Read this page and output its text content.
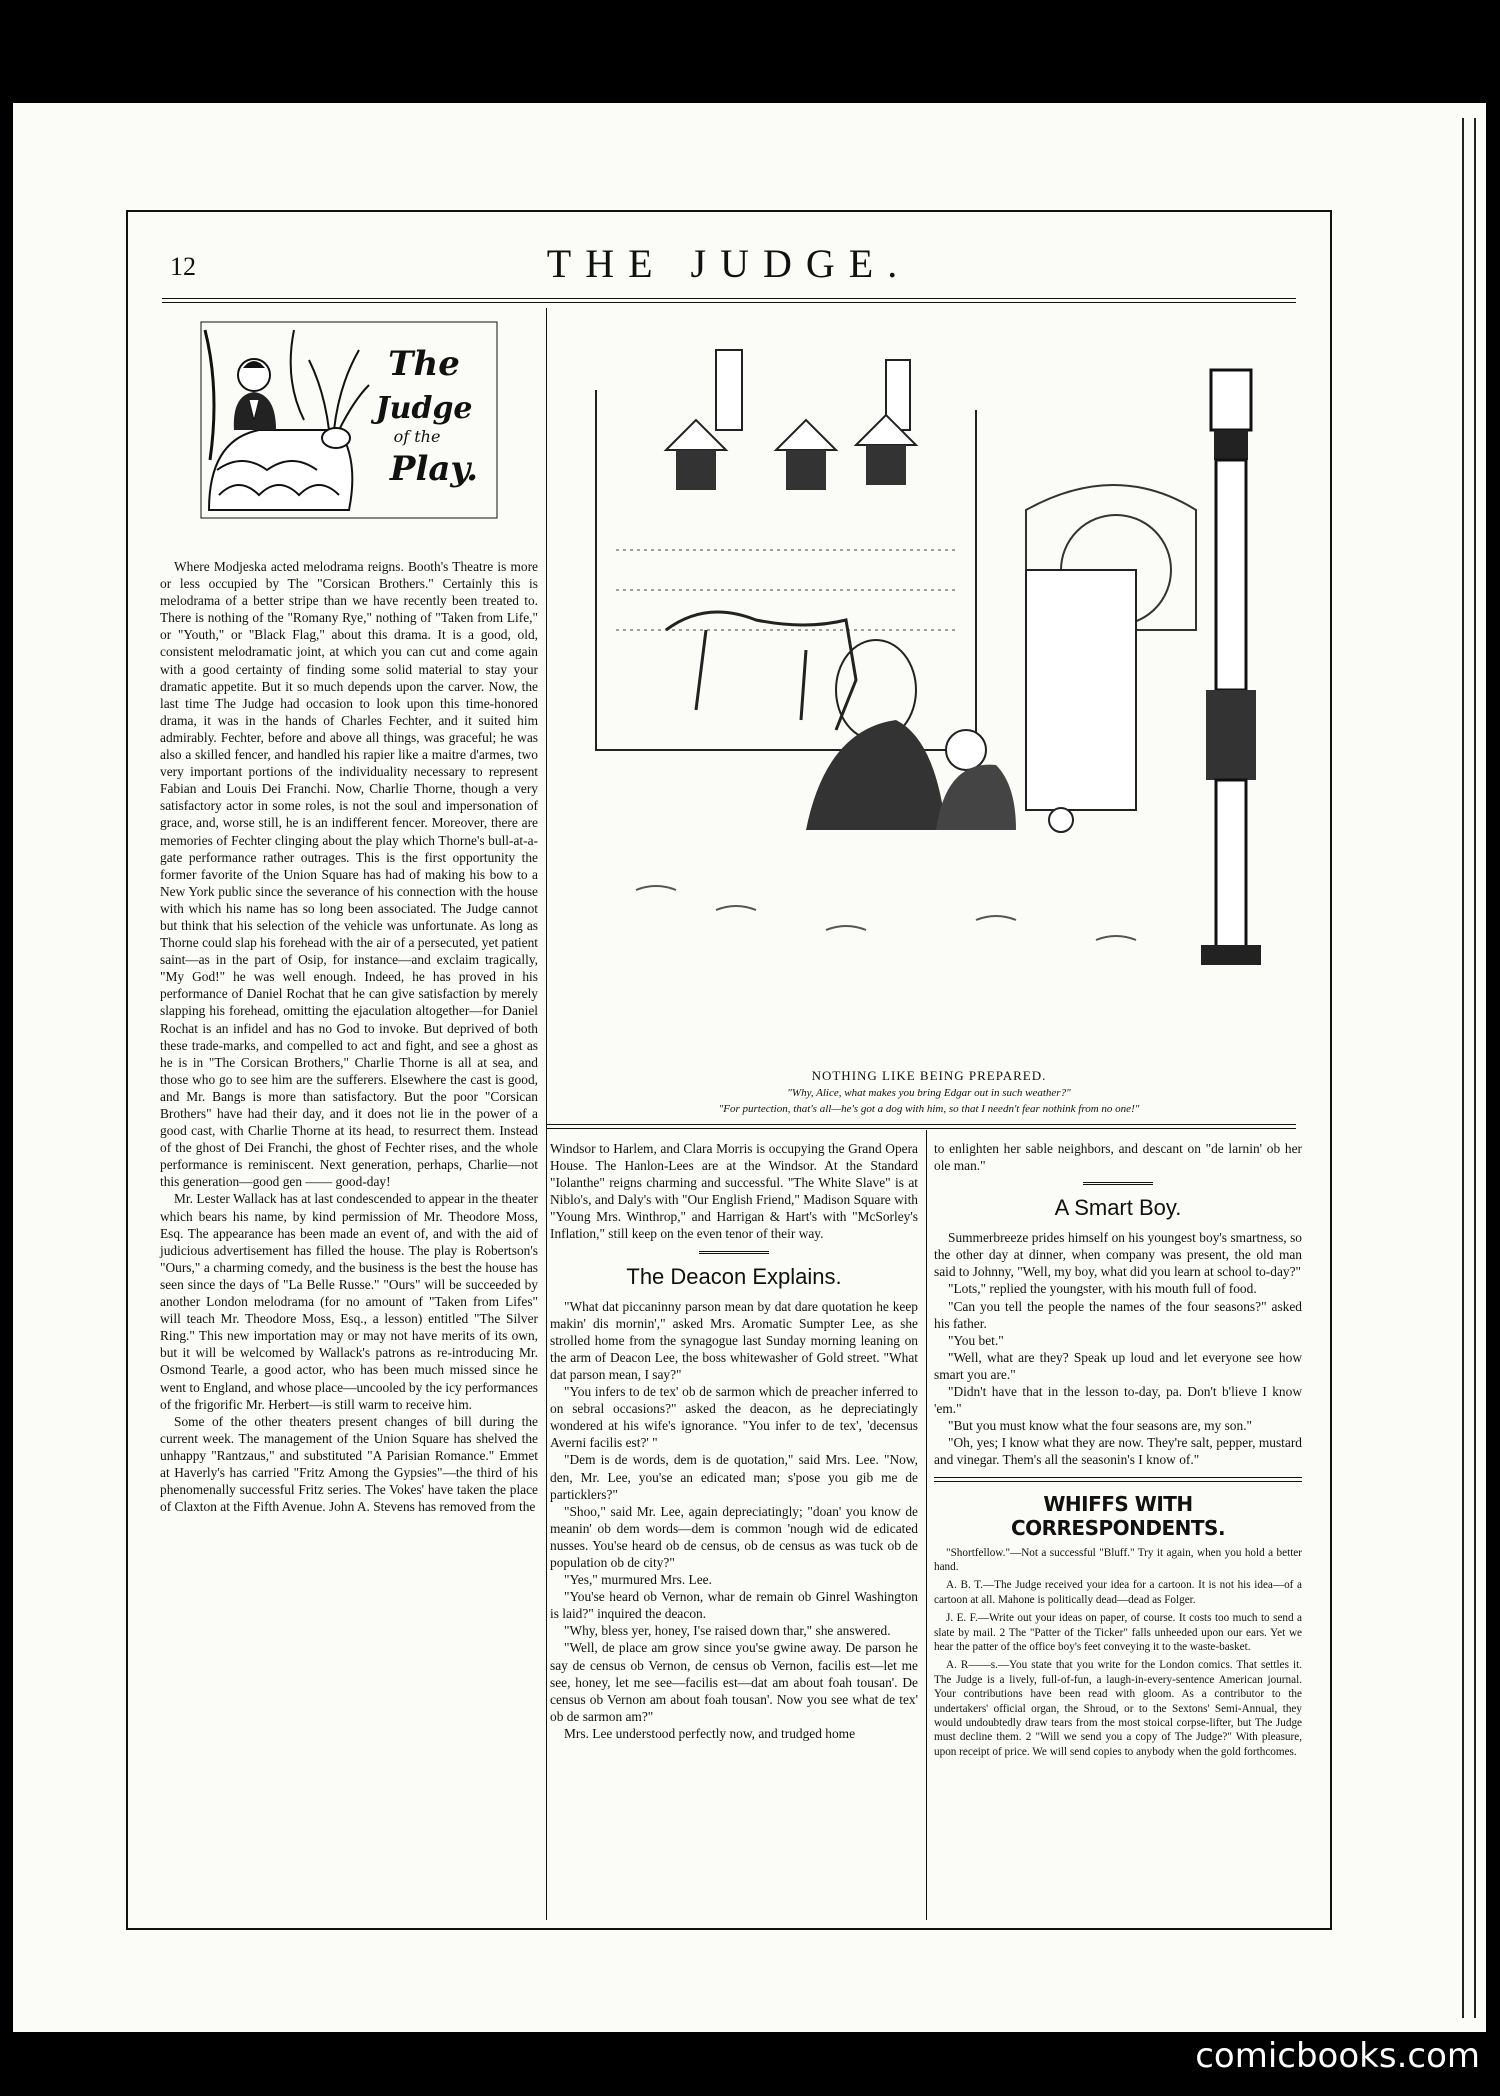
12	THE JUDGE.
The
Judge
of the
Play.

Where Modjeska acted melodrama reigns. Booth's Theatre is more or less occupied by The "Corsican Brothers." Certainly this is melodrama of a better stripe than we have recently been treated to. There is nothing of the "Romany Rye," nothing of "Taken from Life," or "Youth," or "Black Flag," about this drama. It is a good, old, consistent melodramatic joint, at which you can cut and come again with a good certainty of finding some solid material to stay your dramatic appetite. But it so much depends upon the carver. Now, the last time The Judge had occasion to look upon this time-honored drama, it was in the hands of Charles Fechter, and it suited him admirably. Fechter, before and above all things, was graceful; he was also a skilled fencer, and handled his rapier like a maitre d'armes, two very important portions of the individuality necessary to represent Fabian and Louis Dei Franchi. Now, Charlie Thorne, though a very satisfactory actor in some roles, is not the soul and impersonation of grace, and, worse still, he is an indifferent fencer. Moreover, there are memories of Fechter clinging about the play which Thorne's bull-at-a-gate performance rather outrages. This is the first opportunity the former favorite of the Union Square has had of making his bow to a New York public since the severance of his connection with the house with which his name has so long been associated. The Judge cannot but think that his selection of the vehicle was unfortunate. As long as Thorne could slap his forehead with the air of a persecuted, yet patient saint—as in the part of Osip, for instance—and exclaim tragically, "My God!" he was well enough. Indeed, he has proved in his performance of Daniel Rochat that he can give satisfaction by merely slapping his forehead, omitting the ejaculation altogether—for Daniel Rochat is an infidel and has no God to invoke. But deprived of both these trade-marks, and compelled to act and fight, and see a ghost as he is in "The Corsican Brothers," Charlie Thorne is all at sea, and those who go to see him are the sufferers. Elsewhere the cast is good, and Mr. Bangs is more than satisfactory. But the poor "Corsican Brothers" have had their day, and it does not lie in the power of a good cast, with Charlie Thorne at its head, to resurrect them. Instead of the ghost of Dei Franchi, the ghost of Fechter rises, and the whole performance is reminiscent. Next generation, perhaps, Charlie—not this generation—good gen —— good-day!

Mr. Lester Wallack has at last condescended to appear in the theater which bears his name, by kind permission of Mr. Theodore Moss, Esq. The appearance has been made an event of, and with the aid of judicious advertisement has filled the house. The play is Robertson's "Ours," a charming comedy, and the business is the best the house has seen since the days of "La Belle Russe." "Ours" will be succeeded by another London melodrama (for no amount of "Taken from Lifes" will teach Mr. Theodore Moss, Esq., a lesson) entitled "The Silver Ring." This new importation may or may not have merits of its own, but it will be welcomed by Wallack's patrons as re-introducing Mr. Osmond Tearle, a good actor, who has been much missed since he went to England, and whose place—uncooled by the icy performances of the frigorific Mr. Herbert—is still warm to receive him.

Some of the other theaters present changes of bill during the current week. The management of the Union Square has shelved the unhappy "Rantzaus," and substituted "A Parisian Romance." Emmet at Haverly's has carried "Fritz Among the Gypsies"—the third of his phenomenally successful Fritz series. The Vokes' have taken the place of Claxton at the Fifth Avenue. John A. Stevens has removed from the

NOTHING LIKE BEING PREPARED.
"Why, Alice, what makes you bring Edgar out in such weather?"
"For purtection, that's all—he's got a dog with him, so that I needn't fear nothink from no one!"

Windsor to Harlem, and Clara Morris is occupying the Grand Opera House. The Hanlon-Lees are at the Windsor. At the Standard "Iolanthe" reigns charming and successful. "The White Slave" is at Niblo's, and Daly's with "Our English Friend," Madison Square with "Young Mrs. Winthrop," and Harrigan & Hart's with "McSorley's Inflation," still keep on the even tenor of their way.

The Deacon Explains.

"What dat piccaninny parson mean by dat dare quotation he keep makin' dis mornin'," asked Mrs. Aromatic Sumpter Lee, as she strolled home from the synagogue last Sunday morning leaning on the arm of Deacon Lee, the boss whitewasher of Gold street. "What dat parson mean, I say?"

"You infers to de tex' ob de sarmon which de preacher inferred to on sebral occasions?" asked the deacon, as he depreciatingly wondered at his wife's ignorance. "You infer to de tex', 'decensus Averni facilis est?' "

"Dem is de words, dem is de quotation," said Mrs. Lee. "Now, den, Mr. Lee, you'se an edicated man; s'pose you gib me de particklers?"

"Shoo," said Mr. Lee, again depreciatingly; "doan' you know de meanin' ob dem words—dem is common 'nough wid de edicated nusses. You'se heard ob de census, ob de census as was tuck ob de population ob de city?"

"Yes," murmured Mrs. Lee.

"You'se heard ob Vernon, whar de remain ob Ginrel Washington is laid?" inquired the deacon.

"Why, bless yer, honey, I'se raised down thar," she answered.

"Well, de place am grow since you'se gwine away. De parson he say de census ob Vernon, de census ob Vernon, facilis est—let me see, honey, let me see—facilis est—dat am about foah tousan'. De census ob Vernon am about foah tousan'. Now you see what de tex' ob de sarmon am?"

Mrs. Lee understood perfectly now, and trudged home

to enlighten her sable neighbors, and descant on "de larnin' ob her ole man."

A Smart Boy.

Summerbreeze prides himself on his youngest boy's smartness, so the other day at dinner, when company was present, the old man said to Johnny, "Well, my boy, what did you learn at school to-day?"

"Lots," replied the youngster, with his mouth full of food.

"Can you tell the people the names of the four seasons?" asked his father.

"You bet."

"Well, what are they? Speak up loud and let everyone see how smart you are."

"Didn't have that in the lesson to-day, pa. Don't b'lieve I know 'em."

"But you must know what the four seasons are, my son."

"Oh, yes; I know what they are now. They're salt, pepper, mustard and vinegar. Them's all the seasonin's I know of."

WHIFFS WITH CORRESPONDENTS.

"Shortfellow."—Not a successful "Bluff." Try it again, when you hold a better hand.

A. B. T.—The Judge received your idea for a cartoon. It is not his idea—of a cartoon at all. Mahone is politically dead—dead as Folger.

J. E. F.—Write out your ideas on paper, of course. It costs too much to send a slate by mail. 2 The "Patter of the Ticker" falls unheeded upon our ears. Yet we hear the patter of the office boy's feet conveying it to the waste-basket.

A. R——s.—You state that you write for the London comics. That settles it. The Judge is a lively, full-of-fun, a laugh-in-every-sentence American journal. Your contributions have been read with gloom. As a contributor to the undertakers' official organ, the Shroud, or to the Sextons' Semi-Annual, they would undoubtedly draw tears from the most stoical corpse-lifter, but The Judge must decline them. 2 "Will we send you a copy of The Judge?" With pleasure, upon receipt of price. We will send copies to anybody when the gold forthcomes.

comicbooks.com
